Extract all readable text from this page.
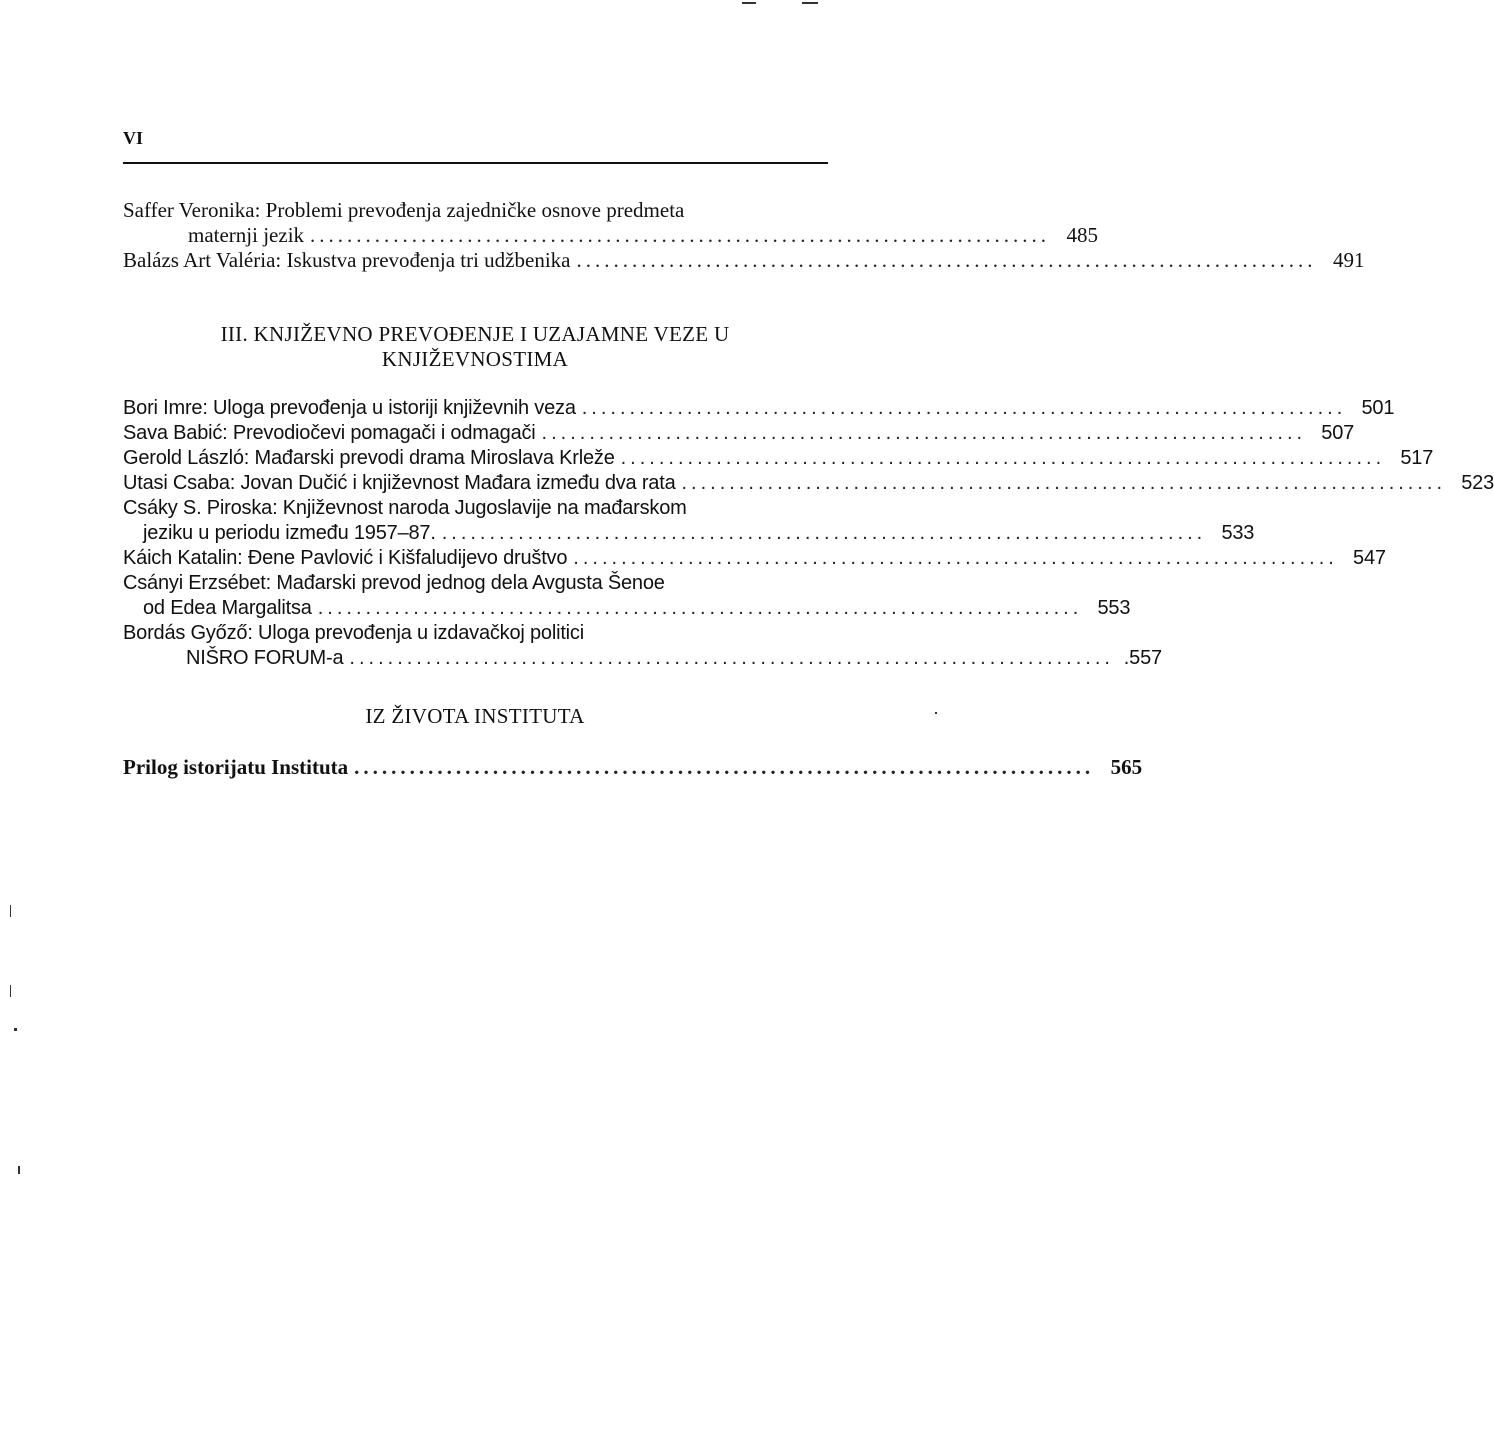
VI
Saffer Veronika: Problemi prevođenja zajedničke osnove predmeta
maternji jezik ................................................................................ 485
Balázs Art Valéria: Iskustva prevođenja tri udžbenika ................................................................................ 491
III. KNJIŽEVNO PREVOĐENJE I UZAJAMNE VEZE U
KNJIŽEVNOSTIMA
Bori Imre: Uloga prevođenja u istoriji književnih veza ................................................................................ 501
Sava Babić: Prevodiočevi pomagači i odmagači ................................................................................ 507
Gerold László: Mađarski prevodi drama Miroslava Krleže ................................................................................ 517
Utasi Csaba: Jovan Dučić i književnost Mađara između dva rata ................................................................................ 523
Csáky S. Piroska: Književnost naroda Jugoslavije na mađarskom
jeziku u periodu između 1957–87. ................................................................................ 533
Káich Katalin: Đene Pavlović i Kišfaludijevo društvo ................................................................................ 547
Csányi Erzsébet: Mađarski prevod jednog dela Avgusta Šenoe
od Edea Margalitsa ................................................................................ 553
Bordás Győző: Uloga prevođenja u izdavačkoj politici
NIŠRO FORUM-a ................................................................................ .557
IZ ŽIVOTA INSTITUTA
Prilog istorijatu Instituta ................................................................................ 565
